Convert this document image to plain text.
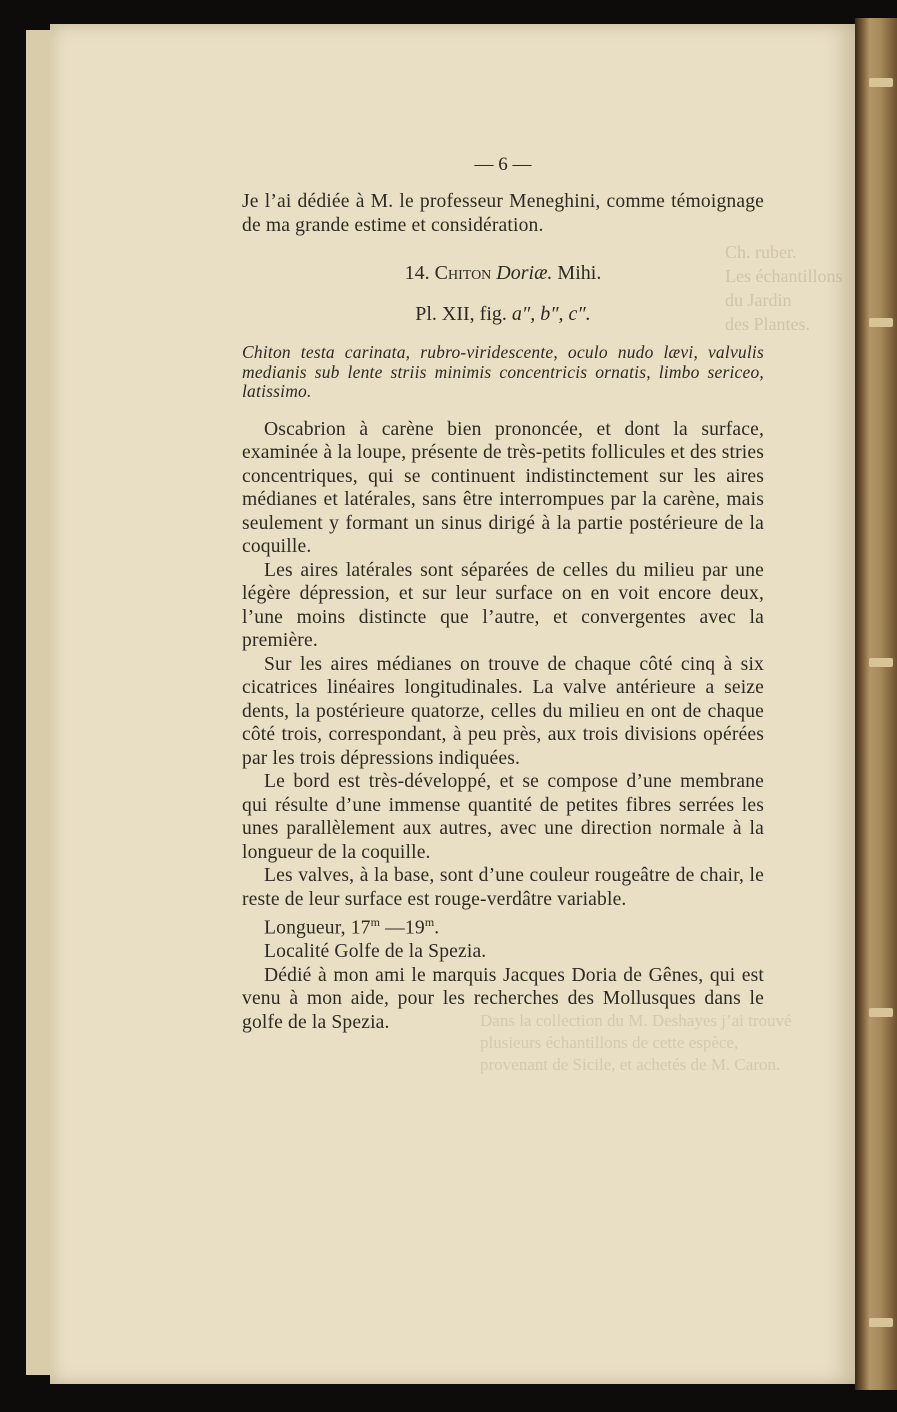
Ch. ruber.
Les échantillons du Jardin
des Plantes.
Dans la collection du M. Deshayes j’ai trouvé plusieurs échantillons de cette espèce, provenant de Sicile, et achetés de M. Caron.
— 6 —

Je l’ai dédiée à M. le professeur Meneghini, comme témoignage de ma grande estime et considération.

14. Chiton Doriæ. Mihi.
Pl. XII, fig. a″, b″, c″.

Chiton testa carinata, rubro-viridescente, oculo nudo lævi, valvulis medianis sub lente striis minimis concentricis ornatis, limbo sericeo, latissimo.

Oscabrion à carène bien prononcée, et dont la surface, examinée à la loupe, présente de très-petits follicules et des stries concentriques, qui se continuent indistinctement sur les aires médianes et latérales, sans être interrompues par la carène, mais seulement y formant un sinus dirigé à la partie postérieure de la coquille.

Les aires latérales sont séparées de celles du milieu par une légère dépression, et sur leur surface on en voit encore deux, l’une moins distincte que l’autre, et convergentes avec la première.

Sur les aires médianes on trouve de chaque côté cinq à six cicatrices linéaires longitudinales. La valve antérieure a seize dents, la postérieure quatorze, celles du milieu en ont de chaque côté trois, correspondant, à peu près, aux trois divisions opérées par les trois dépressions indiquées.

Le bord est très-développé, et se compose d’une membrane qui résulte d’une immense quantité de petites fibres serrées les unes parallèlement aux autres, avec une direction normale à la longueur de la coquille.

Les valves, à la base, sont d’une couleur rougeâtre de chair, le reste de leur surface est rouge-verdâtre variable.

Longueur, 17$^m$ —19$^m$.

Localité Golfe de la Spezia.

Dédié à mon ami le marquis Jacques Doria de Gênes, qui est venu à mon aide, pour les recherches des Mollusques dans le golfe de la Spezia.
